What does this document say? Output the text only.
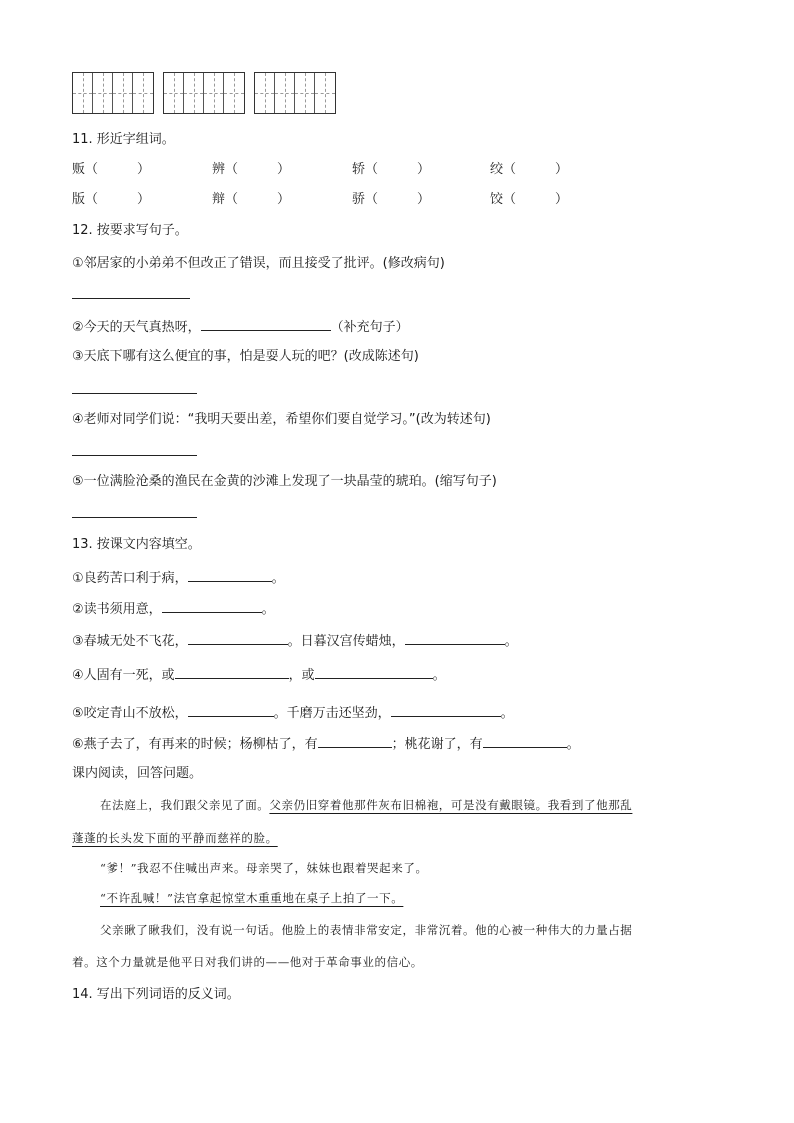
11. 形近字组词。
贩（　　　）	辨（　　　）	轿（　　　）	绞（　　　）
版（　　　）	辩（　　　）	骄（　　　）	饺（　　　）
12. 按要求写句子。
①邻居家的小弟弟不但改正了错误，而且接受了批评。(修改病句)
②今天的天气真热呀，	（补充句子）
③天底下哪有这么便宜的事，怕是耍人玩的吧？(改成陈述句)
④老师对同学们说：“我明天要出差，希望你们要自觉学习。”(改为转述句)
⑤一位满脸沧桑的渔民在金黄的沙滩上发现了一块晶莹的琥珀。(缩写句子)
13. 按课文内容填空。
①良药苦口利于病，	。
②读书须用意，	。
③春城无处不飞花，	。日暮汉宫传蜡烛，	。
④人固有一死，或	，或	。
⑤咬定青山不放松，	。千磨万击还坚劲，	。
⑥燕子去了，有再来的时候；杨柳枯了，有	；桃花谢了，有	。
课内阅读，回答问题。
在法庭上，我们跟父亲见了面。父亲仍旧穿着他那件灰布旧棉袍，可是没有戴眼镜。我看到了他那乱
蓬蓬的长头发下面的平静而慈祥的脸。
“爹！”我忍不住喊出声来。母亲哭了，妹妹也跟着哭起来了。
“不许乱喊！”法官拿起惊堂木重重地在桌子上拍了一下。
父亲瞅了瞅我们，没有说一句话。他脸上的表情非常安定，非常沉着。他的心被一种伟大的力量占据
着。这个力量就是他平日对我们讲的——他对于革命事业的信心。
14. 写出下列词语的反义词。
